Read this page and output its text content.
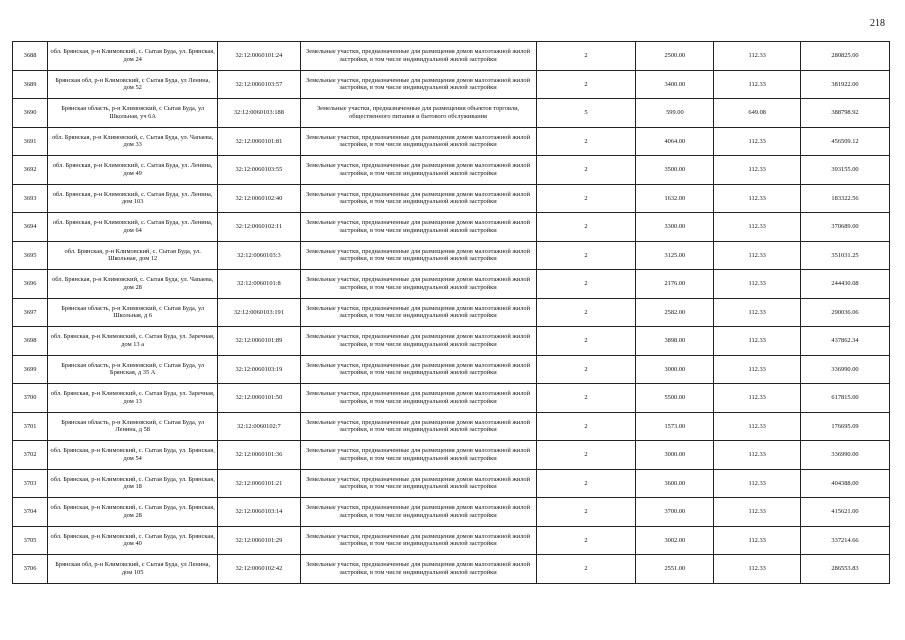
218
3688	обл. Брянская, р-н Климовский, с. Сытая Буда, ул. Брянская, дом 24	32:12:0060101:24	Земельные участки, предназначенные для размещения домов малоэтажной жилой застройки, в том числе индивидуальной жилой застройки	2	2500.00	112.33	280825.00
3689	Брянская обл, р-н Климовский, с Сытая Буда, ул Ленина, дом 52	32:12:0060103:57	Земельные участки, предназначенные для размещения домов малоэтажной жилой застройки, в том числе индивидуальной жилой застройки	2	3400.00	112.33	381922.00
3690	Брянская область, р-н Климовский, с Сытая Буда, ул Школьная, уч 6А	32:12:0060103:188	Земельные участки, предназначенные для размещения объектов торговли, общественного питания и бытового обслуживания	5	599.00	649.08	388798.92
3691	обл. Брянская, р-н Климовский, с. Сытая Буда, ул. Чапаева, дом 33	32:12:0060101:81	Земельные участки, предназначенные для размещения домов малоэтажной жилой застройки, в том числе индивидуальной жилой застройки	2	4064.00	112.33	456509.12
3692	обл. Брянская, р-н Климовский, с. Сытая Буда, ул. Ленина, дом 49	32:12:0060103:55	Земельные участки, предназначенные для размещения домов малоэтажной жилой застройки, в том числе индивидуальной жилой застройки	2	3500.00	112.33	393155.00
3693	обл. Брянская, р-н Климовский, с. Сытая Буда, ул. Ленина, дом 103	32:12:0060102:40	Земельные участки, предназначенные для размещения домов малоэтажной жилой застройки, в том числе индивидуальной жилой застройки	2	1632.00	112.33	183322.56
3694	обл. Брянская, р-н Климовский, с. Сытая Буда, ул. Ленина, дом 64	32:12:0060102:11	Земельные участки, предназначенные для размещения домов малоэтажной жилой застройки, в том числе индивидуальной жилой застройки	2	3300.00	112.33	370689.00
3695	обл. Брянская, р-н Климовский, с. Сытая Буда, ул. Школьная, дом 12	32:12:0060103:3	Земельные участки, предназначенные для размещения домов малоэтажной жилой застройки, в том числе индивидуальной жилой застройки	2	3125.00	112.33	351031.25
3696	обл. Брянская, р-н Климовский, с. Сытая Буда, ул. Чапаева, дом 28	32:12:0060101:8	Земельные участки, предназначенные для размещения домов малоэтажной жилой застройки, в том числе индивидуальной жилой застройки	2	2176.00	112.33	244430.08
3697	Брянская область, р-н Климовский, с Сытая Буда, ул Школьная, д 6	32:12:0060103:191	Земельные участки, предназначенные для размещения домов малоэтажной жилой застройки, в том числе индивидуальной жилой застройки	2	2582.00	112.33	290036.06
3698	обл. Брянская, р-н Климовский, с. Сытая Буда, ул. Заречная, дом 13 а	32:12:0060101:89	Земельные участки, предназначенные для размещения домов малоэтажной жилой застройки, в том числе индивидуальной жилой застройки	2	3898.00	112.33	437862.34
3699	Брянская область, р-н Климовский, с Сытая Буда, ул Брянская, д 35 А	32:12:0060103:19	Земельные участки, предназначенные для размещения домов малоэтажной жилой застройки, в том числе индивидуальной жилой застройки	2	3000.00	112.33	336990.00
3700	обл. Брянская, р-н Климовский, с. Сытая Буда, ул. Заречная, дом 13	32:12:0060101:50	Земельные участки, предназначенные для размещения домов малоэтажной жилой застройки, в том числе индивидуальной жилой застройки	2	5500.00	112.33	617815.00
3701	Брянская область, р-н Климовский, с Сытая Буда, ул Ленина, д 58	32:12:0060102:7	Земельные участки, предназначенные для размещения домов малоэтажной жилой застройки, в том числе индивидуальной жилой застройки	2	1573.00	112.33	176695.09
3702	обл. Брянская, р-н Климовский, с. Сытая Буда, ул. Брянская, дом 54	32:12:0060101:36	Земельные участки, предназначенные для размещения домов малоэтажной жилой застройки, в том числе индивидуальной жилой застройки	2	3000.00	112.33	336990.00
3703	обл. Брянская, р-н Климовский, с. Сытая Буда, ул. Брянская, дом 18	32:12:0060101:21	Земельные участки, предназначенные для размещения домов малоэтажной жилой застройки, в том числе индивидуальной жилой застройки	2	3600.00	112.33	404388.00
3704	обл. Брянская, р-н Климовский, с. Сытая Буда, ул. Брянская, дом 28	32:12:0060103:14	Земельные участки, предназначенные для размещения домов малоэтажной жилой застройки, в том числе индивидуальной жилой застройки	2	3700.00	112.33	415621.00
3705	обл. Брянская, р-н Климовский, с. Сытая Буда, ул. Брянская, дом 40	32:12:0060101:29	Земельные участки, предназначенные для размещения домов малоэтажной жилой застройки, в том числе индивидуальной жилой застройки	2	3002.00	112.33	337214.66
3706	Брянская обл, р-н Климовский, с Сытая Буда, ул Ленина, дом 105	32:12:0060102:42	Земельные участки, предназначенные для размещения домов малоэтажной жилой застройки, в том числе индивидуальной жилой застройки	2	2551.00	112.33	286553.83
